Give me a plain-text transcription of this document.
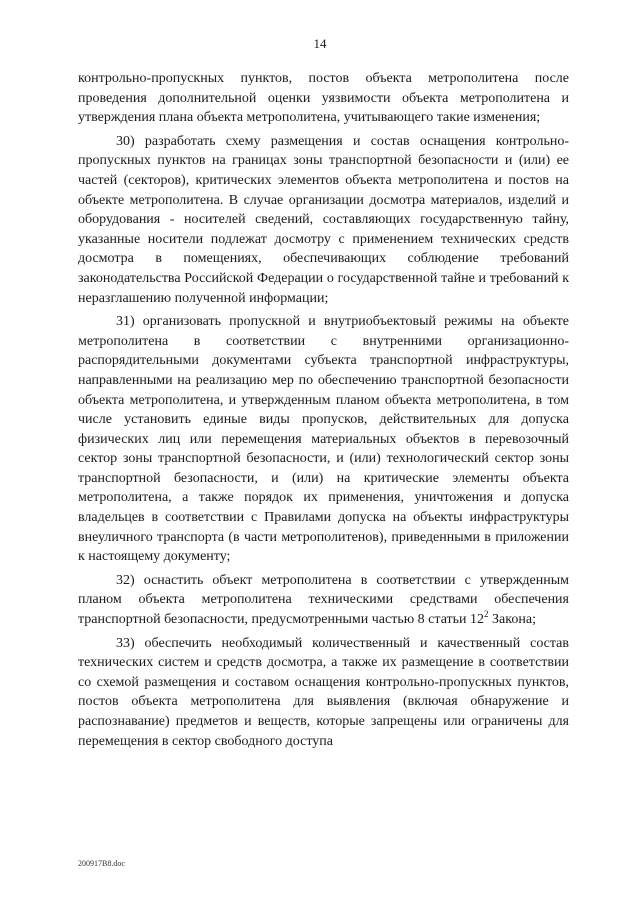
14

контрольно-пропускных пунктов, постов объекта метрополитена после проведения дополнительной оценки уязвимости объекта метрополитена и утверждения плана объекта метрополитена, учитывающего такие изменения;

30) разработать схему размещения и состав оснащения контрольно-пропускных пунктов на границах зоны транспортной безопасности и (или) ее частей (секторов), критических элементов объекта метрополитена и постов на объекте метрополитена. В случае организации досмотра материалов, изделий и оборудования - носителей сведений, составляющих государственную тайну, указанные носители подлежат досмотру с применением технических средств досмотра в помещениях, обеспечивающих соблюдение требований законодательства Российской Федерации о государственной тайне и требований к неразглашению полученной информации;

31) организовать пропускной и внутриобъектовый режимы на объекте метрополитена в соответствии с внутренними организационно-распорядительными документами субъекта транспортной инфраструктуры, направленными на реализацию мер по обеспечению транспортной безопасности объекта метрополитена, и утвержденным планом объекта метрополитена, в том числе установить единые виды пропусков, действительных для допуска физических лиц или перемещения материальных объектов в перевозочный сектор зоны транспортной безопасности, и (или) технологический сектор зоны транспортной безопасности, и (или) на критические элементы объекта метрополитена, а также порядок их применения, уничтожения и допуска владельцев в соответствии с Правилами допуска на объекты инфраструктуры внеуличного транспорта (в части метрополитенов), приведенными в приложении к настоящему документу;

32) оснастить объект метрополитена в соответствии с утвержденным планом объекта метрополитена техническими средствами обеспечения транспортной безопасности, предусмотренными частью 8 статьи $12^2$ Закона;

33) обеспечить необходимый количественный и качественный состав технических систем и средств досмотра, а также их размещение в соответствии со схемой размещения и составом оснащения контрольно-пропускных пунктов, постов объекта метрополитена для выявления (включая обнаружение и распознавание) предметов и веществ, которые запрещены или ограничены для перемещения в сектор свободного доступа

200917B8.doc
